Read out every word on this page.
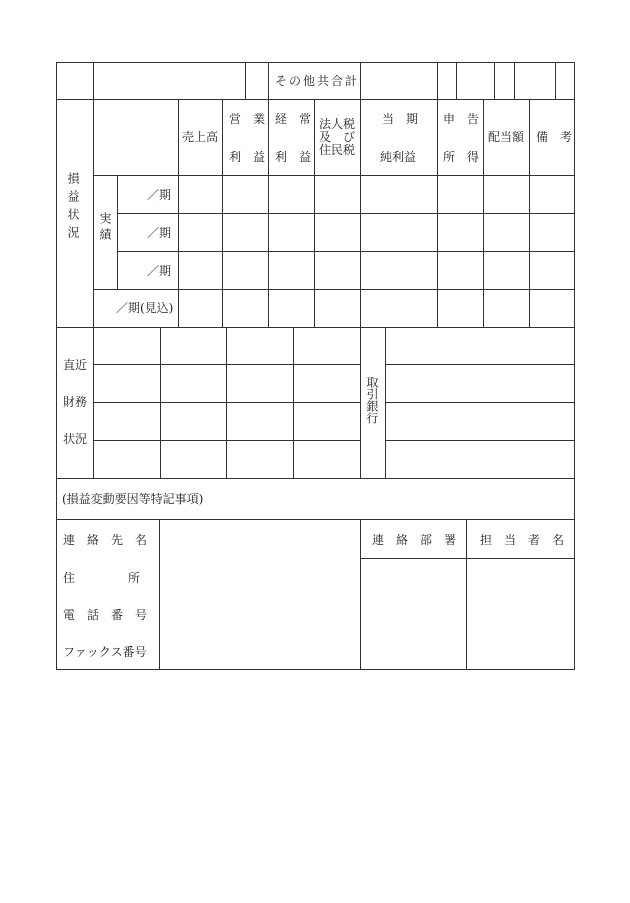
その他共合計
売上高
営　業
利　益
経　常
利　益
法人税
及　び
住民税
当　期
純利益
申　告
所　得
配当額 備　考
損益状況 実績
／期
／期
／期
／期(見込)
直近
財務
状況
取引銀行
(損益変動要因等特記事項)
連　絡　先　名
住　　　　所
電　話　番　号
ファックス番号
連　絡　部　署 担　当　者　名
